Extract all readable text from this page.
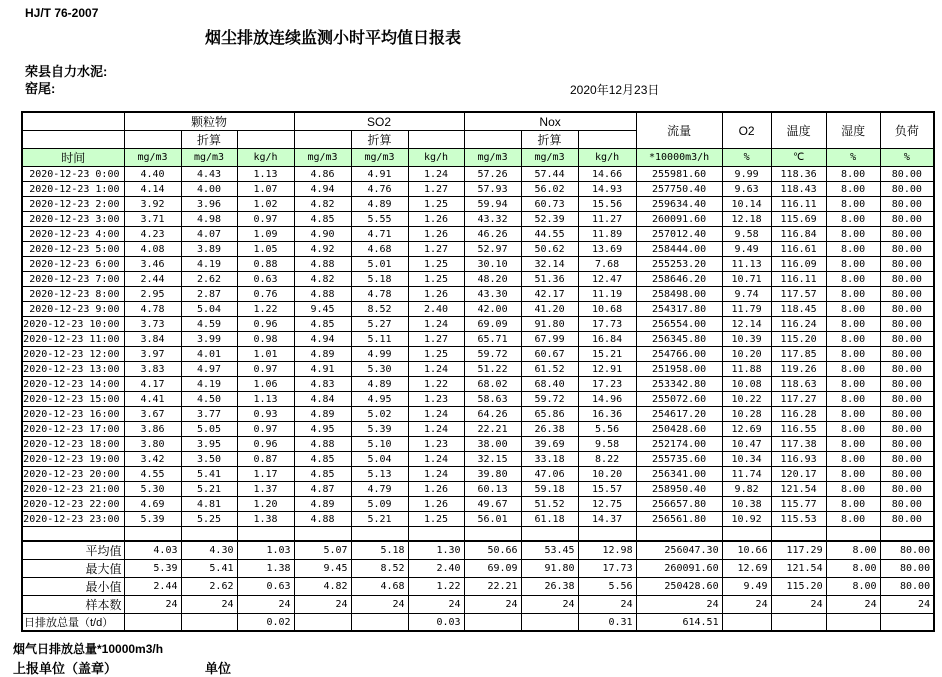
HJ/T 76-2007
烟尘排放连续监测小时平均值日报表
荣县自力水泥:
窑尾:	2020年12月23日
	颗粒物			SO2			Nox			流量	O2	温度	湿度	负荷
		折算			折算			折算						
时间	mg/m3	mg/m3	kg/h	mg/m3	mg/m3	kg/h	mg/m3	mg/m3	kg/h	*10000m3/h	%	℃	%	%
2020-12-23 0:00	4.40	4.43	1.13	4.86	4.91	1.24	57.26	57.44	14.66	255981.60	9.99	118.36	8.00	80.00
2020-12-23 1:00	4.14	4.00	1.07	4.94	4.76	1.27	57.93	56.02	14.93	257750.40	9.63	118.43	8.00	80.00
2020-12-23 2:00	3.92	3.96	1.02	4.82	4.89	1.25	59.94	60.73	15.56	259634.40	10.14	116.11	8.00	80.00
2020-12-23 3:00	3.71	4.98	0.97	4.85	5.55	1.26	43.32	52.39	11.27	260091.60	12.18	115.69	8.00	80.00
2020-12-23 4:00	4.23	4.07	1.09	4.90	4.71	1.26	46.26	44.55	11.89	257012.40	9.58	116.84	8.00	80.00
2020-12-23 5:00	4.08	3.89	1.05	4.92	4.68	1.27	52.97	50.62	13.69	258444.00	9.49	116.61	8.00	80.00
2020-12-23 6:00	3.46	4.19	0.88	4.88	5.01	1.25	30.10	32.14	7.68	255253.20	11.13	116.09	8.00	80.00
2020-12-23 7:00	2.44	2.62	0.63	4.82	5.18	1.25	48.20	51.36	12.47	258646.20	10.71	116.11	8.00	80.00
2020-12-23 8:00	2.95	2.87	0.76	4.88	4.78	1.26	43.30	42.17	11.19	258498.00	9.74	117.57	8.00	80.00
2020-12-23 9:00	4.78	5.04	1.22	9.45	8.52	2.40	42.00	41.20	10.68	254317.80	11.79	118.45	8.00	80.00
2020-12-23 10:00	3.73	4.59	0.96	4.85	5.27	1.24	69.09	91.80	17.73	256554.00	12.14	116.24	8.00	80.00
2020-12-23 11:00	3.84	3.99	0.98	4.94	5.11	1.27	65.71	67.99	16.84	256345.80	10.39	115.20	8.00	80.00
2020-12-23 12:00	3.97	4.01	1.01	4.89	4.99	1.25	59.72	60.67	15.21	254766.00	10.20	117.85	8.00	80.00
2020-12-23 13:00	3.83	4.97	0.97	4.91	5.30	1.24	51.22	61.52	12.91	251958.00	11.88	119.26	8.00	80.00
2020-12-23 14:00	4.17	4.19	1.06	4.83	4.89	1.22	68.02	68.40	17.23	253342.80	10.08	118.63	8.00	80.00
2020-12-23 15:00	4.41	4.50	1.13	4.84	4.95	1.23	58.63	59.72	14.96	255072.60	10.22	117.27	8.00	80.00
2020-12-23 16:00	3.67	3.77	0.93	4.89	5.02	1.24	64.26	65.86	16.36	254617.20	10.28	116.28	8.00	80.00
2020-12-23 17:00	3.86	5.05	0.97	4.95	5.39	1.24	22.21	26.38	5.56	250428.60	12.69	116.55	8.00	80.00
2020-12-23 18:00	3.80	3.95	0.96	4.88	5.10	1.23	38.00	39.69	9.58	252174.00	10.47	117.38	8.00	80.00
2020-12-23 19:00	3.42	3.50	0.87	4.85	5.04	1.24	32.15	33.18	8.22	255735.60	10.34	116.93	8.00	80.00
2020-12-23 20:00	4.55	5.41	1.17	4.85	5.13	1.24	39.80	47.06	10.20	256341.00	11.74	120.17	8.00	80.00
2020-12-23 21:00	5.30	5.21	1.37	4.87	4.79	1.26	60.13	59.18	15.57	258950.40	9.82	121.54	8.00	80.00
2020-12-23 22:00	4.69	4.81	1.20	4.89	5.09	1.26	49.67	51.52	12.75	256657.80	10.38	115.77	8.00	80.00
2020-12-23 23:00	5.39	5.25	1.38	4.88	5.21	1.25	56.01	61.18	14.37	256561.80	10.92	115.53	8.00	80.00

平均值	4.03	4.30	1.03	5.07	5.18	1.30	50.66	53.45	12.98	256047.30	10.66	117.29	8.00	80.00
最大值	5.39	5.41	1.38	9.45	8.52	2.40	69.09	91.80	17.73	260091.60	12.69	121.54	8.00	80.00
最小值	2.44	2.62	0.63	4.82	4.68	1.22	22.21	26.38	5.56	250428.60	9.49	115.20	8.00	80.00
样本数	24	24	24	24	24	24	24	24	24	24	24	24	24	24
日排放总量（t/d）			0.02			0.03			0.31	614.51				
烟气日排放总量*10000m3/h
上报单位（盖章）	单位
